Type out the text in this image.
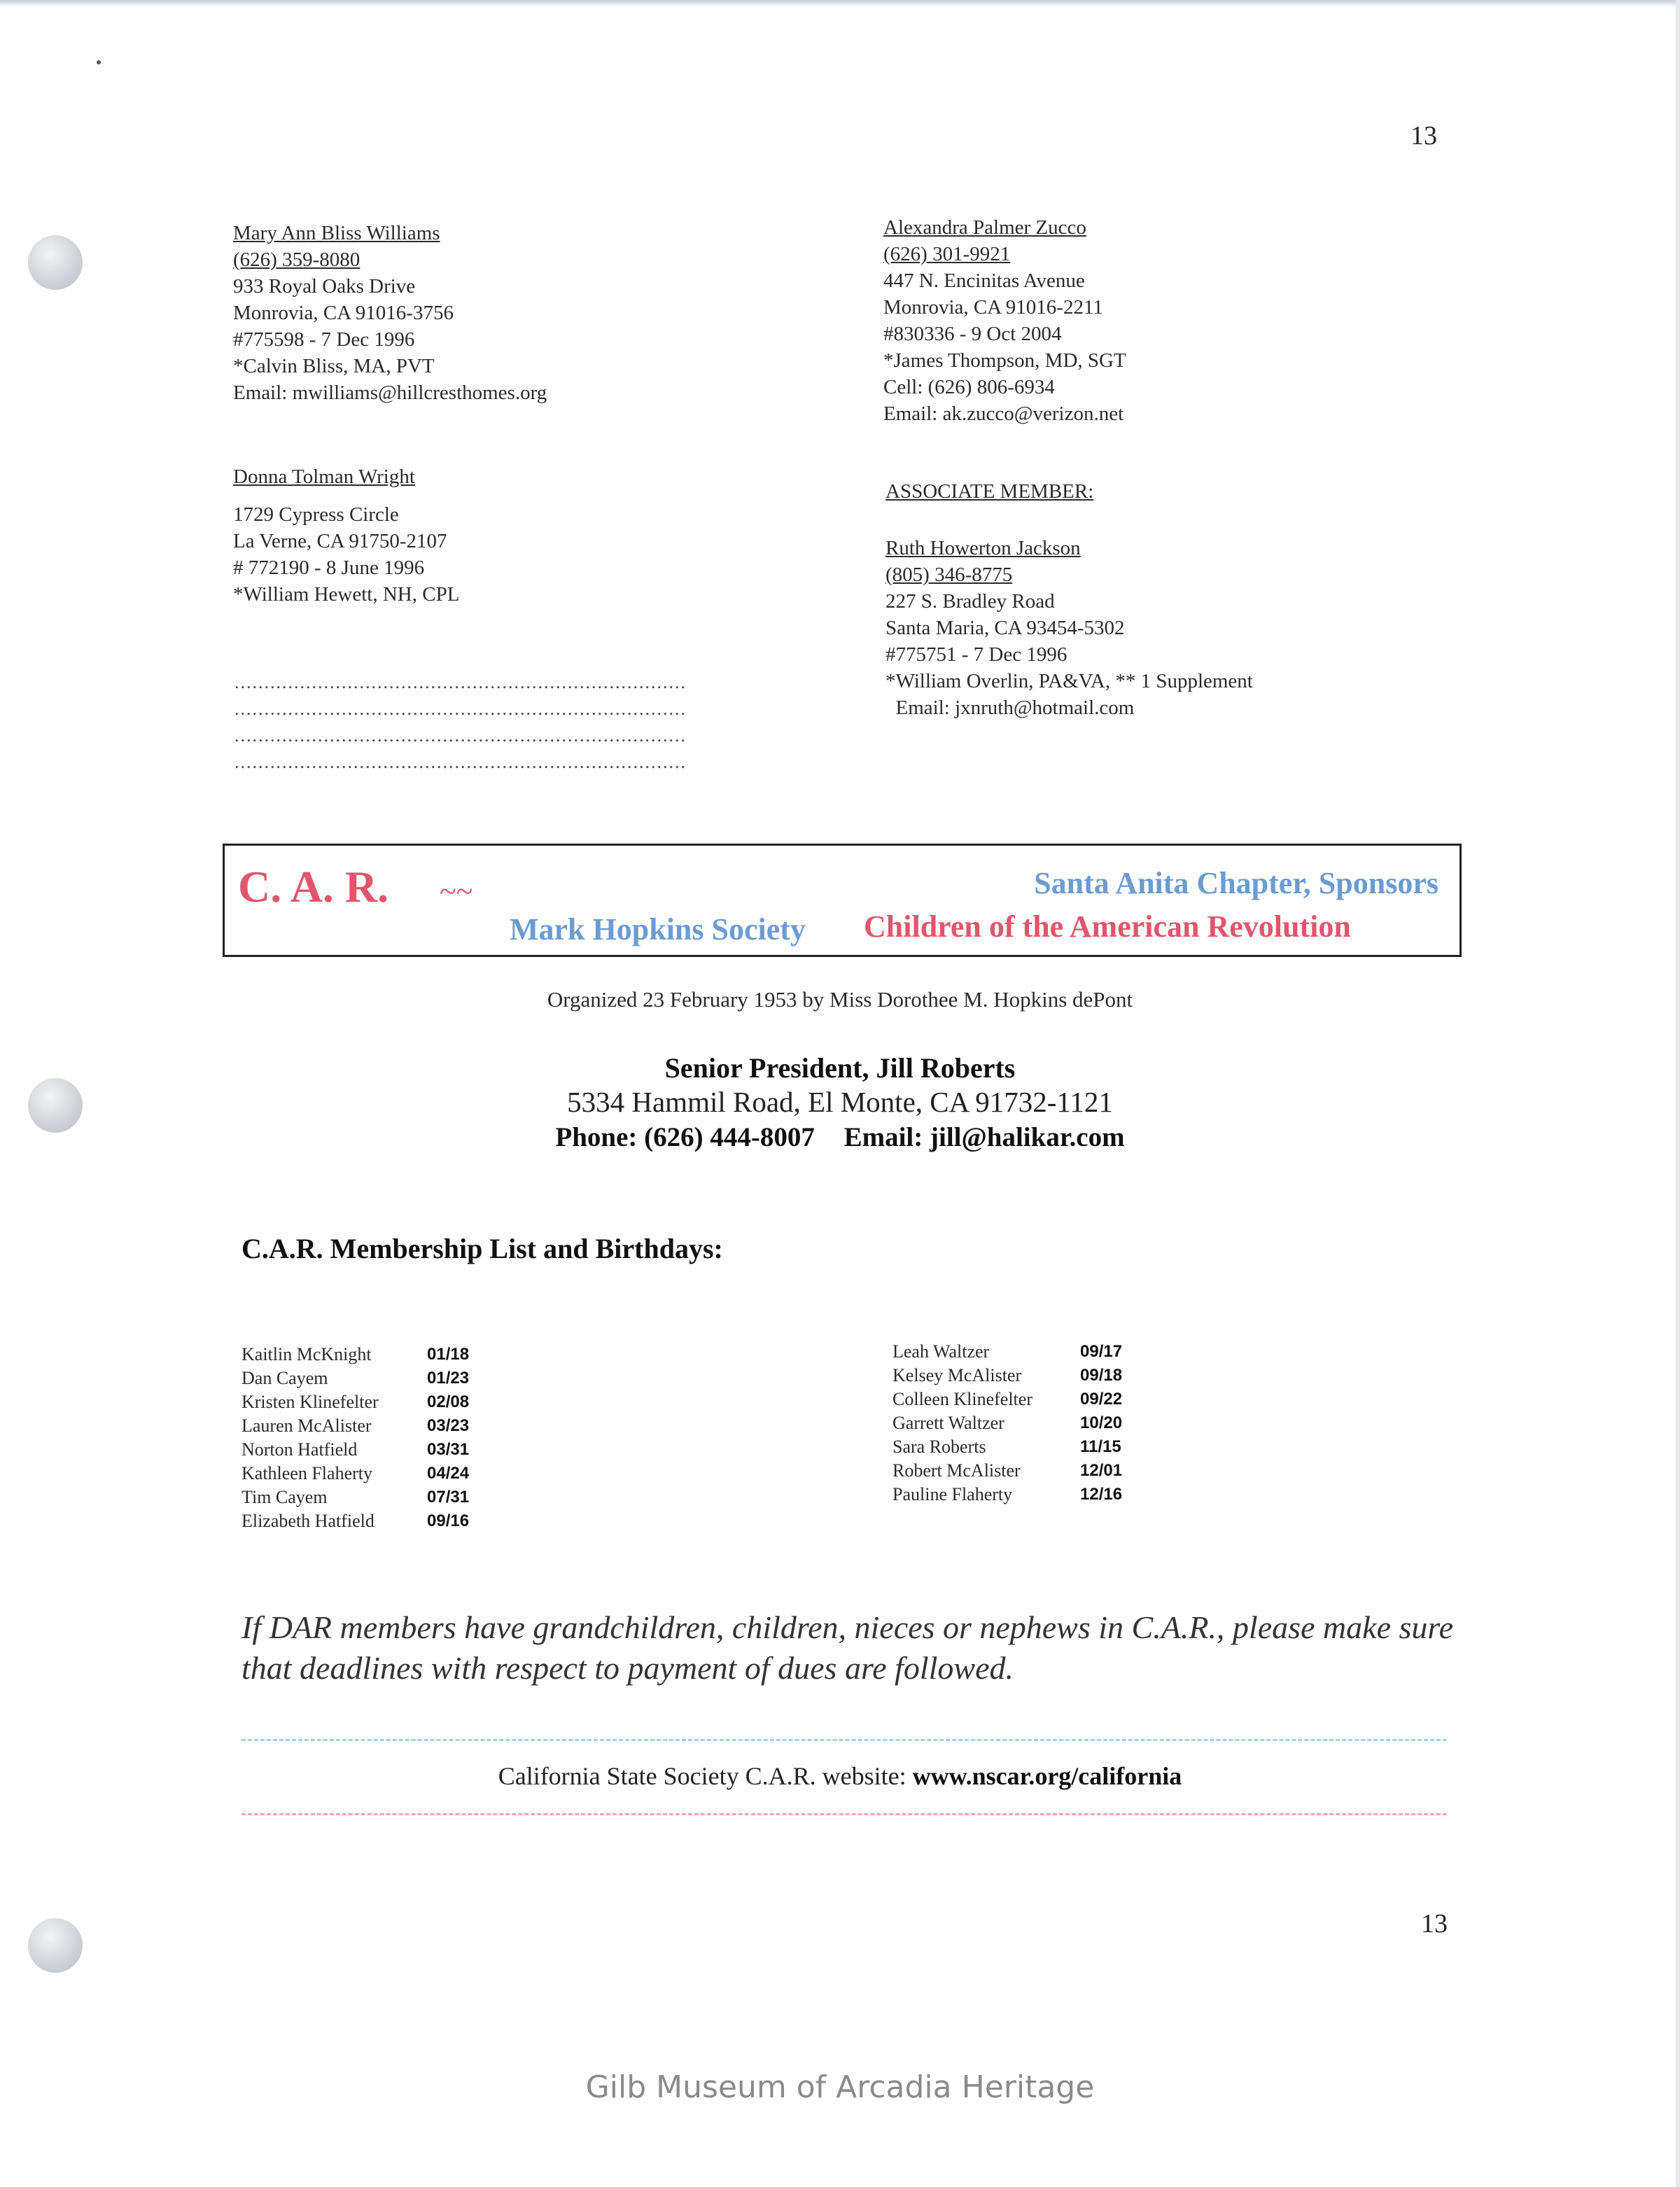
13
Mary Ann Bliss Williams
(626) 359-8080
933 Royal Oaks Drive
Monrovia, CA 91016-3756
#775598 - 7 Dec 1996
*Calvin Bliss, MA, PVT
Email: mwilliams@hillcresthomes.org
Donna Tolman Wright
1729 Cypress Circle
La Verne, CA 91750-2107
# 772190 - 8 June 1996
*William Hewett, NH, CPL
............................................................................
............................................................................
............................................................................
............................................................................
Alexandra Palmer Zucco
(626) 301-9921
447 N. Encinitas Avenue
Monrovia, CA 91016-2211
#830336 - 9 Oct 2004
*James Thompson, MD, SGT
Cell: (626) 806-6934
Email: ak.zucco@verizon.net
ASSOCIATE MEMBER:
Ruth Howerton Jackson
(805) 346-8775
227 S. Bradley Road
Santa Maria, CA 93454-5302
#775751 - 7 Dec 1996
*William Overlin, PA&VA, ** 1 Supplement
Email: jxnruth@hotmail.com
C. A. R. ~~	Santa Anita Chapter, Sponsors
Mark Hopkins Society Children of the American Revolution
Organized 23 February 1953 by Miss Dorothee M. Hopkins dePont
Senior President, Jill Roberts
5334 Hammil Road, El Monte, CA 91732-1121
Phone: (626) 444-8007 Email: jill@halikar.com
C.A.R. Membership List and Birthdays:
Kaitlin McKnight	01/18
Dan Cayem	01/23
Kristen Klinefelter	02/08
Lauren McAlister	03/23
Norton Hatfield	03/31
Kathleen Flaherty	04/24
Tim Cayem	07/31
Elizabeth Hatfield	09/16
Leah Waltzer	09/17
Kelsey McAlister	09/18
Colleen Klinefelter	09/22
Garrett Waltzer	10/20
Sara Roberts	11/15
Robert McAlister	12/01
Pauline Flaherty	12/16
If DAR members have grandchildren, children, nieces or nephews in C.A.R., please make sure that deadlines with respect to payment of dues are followed.
California State Society C.A.R. website: www.nscar.org/california
13
Gilb Museum of Arcadia Heritage
